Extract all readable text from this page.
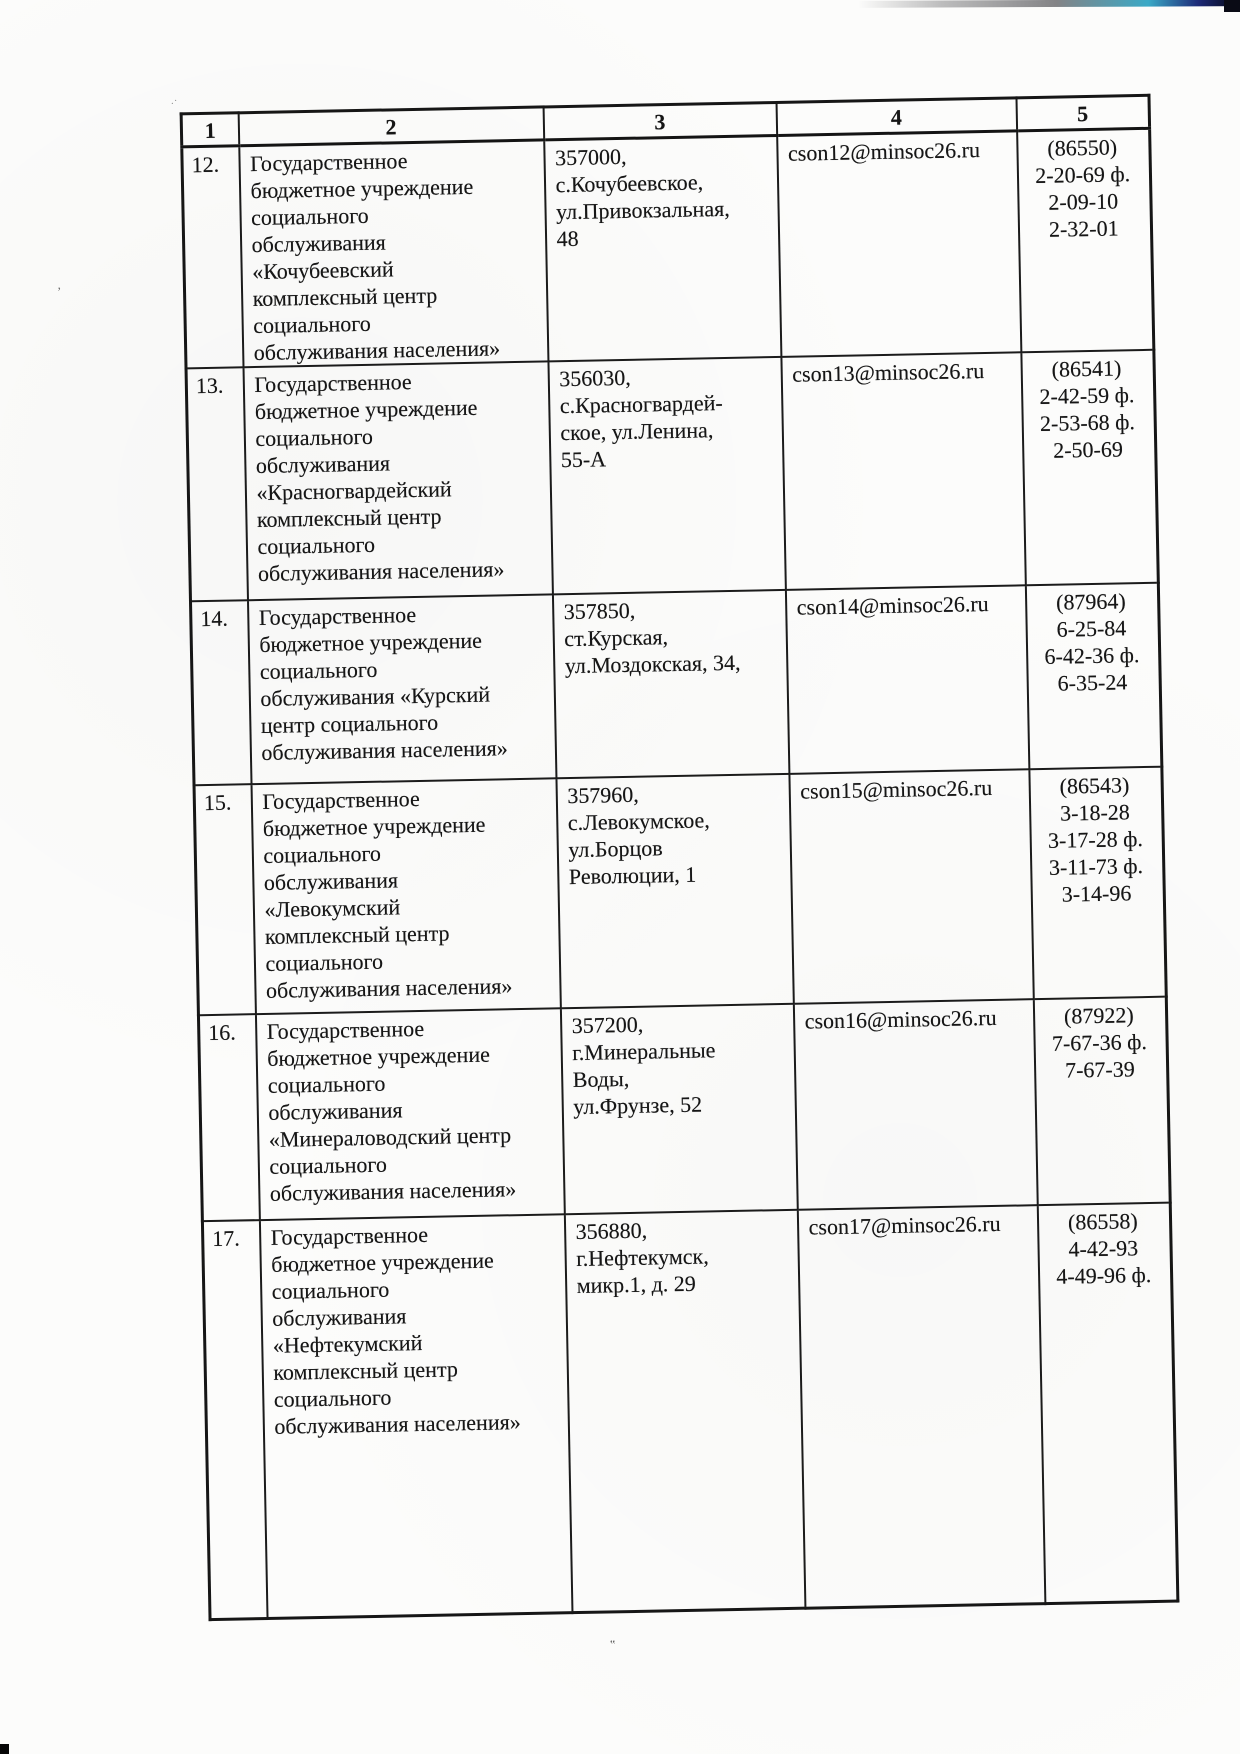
1	2	3	4	5
12.	Государственное
бюджетное учреждение
социального
обслуживания
«Кочубеевский
комплексный центр
социального
обслуживания населения»	357000,
с.Кочубеевское,
ул.Привокзальная,
48	cson12@minsoc26.ru	(86550)
2-20-69 ф.
2-09-10
2-32-01
13.	Государственное
бюджетное учреждение
социального
обслуживания
«Красногвардейский
комплексный центр
социального
обслуживания населения»	356030,
с.Красногвардей-
ское, ул.Ленина,
55-А	cson13@minsoc26.ru	(86541)
2-42-59 ф.
2-53-68 ф.
2-50-69
14.	Государственное
бюджетное учреждение
социального
обслуживания «Курский
центр социального
обслуживания населения»	357850,
ст.Курская,
ул.Моздокская, 34,	cson14@minsoc26.ru	(87964)
6-25-84
6-42-36 ф.
6-35-24
15.	Государственное
бюджетное учреждение
социального
обслуживания
«Левокумский
комплексный центр
социального
обслуживания населения»	357960,
с.Левокумское,
ул.Борцов
Революции, 1	cson15@minsoc26.ru	(86543)
3-18-28
3-17-28 ф.
3-11-73 ф.
3-14-96
16.	Государственное
бюджетное учреждение
социального
обслуживания
«Минераловодский центр
социального
обслуживания населения»	357200,
г.Минеральные
Воды,
ул.Фрунзе, 52	cson16@minsoc26.ru	(87922)
7-67-36 ф.
7-67-39
17.	Государственное
бюджетное учреждение
социального
обслуживания
«Нефтекумский
комплексный центр
социального
обслуживания населения»	356880,
г.Нефтекумск,
микр.1, д. 29	cson17@minsoc26.ru	(86558)
4-42-93
4-49-96 ф.
‚
‟
.·
